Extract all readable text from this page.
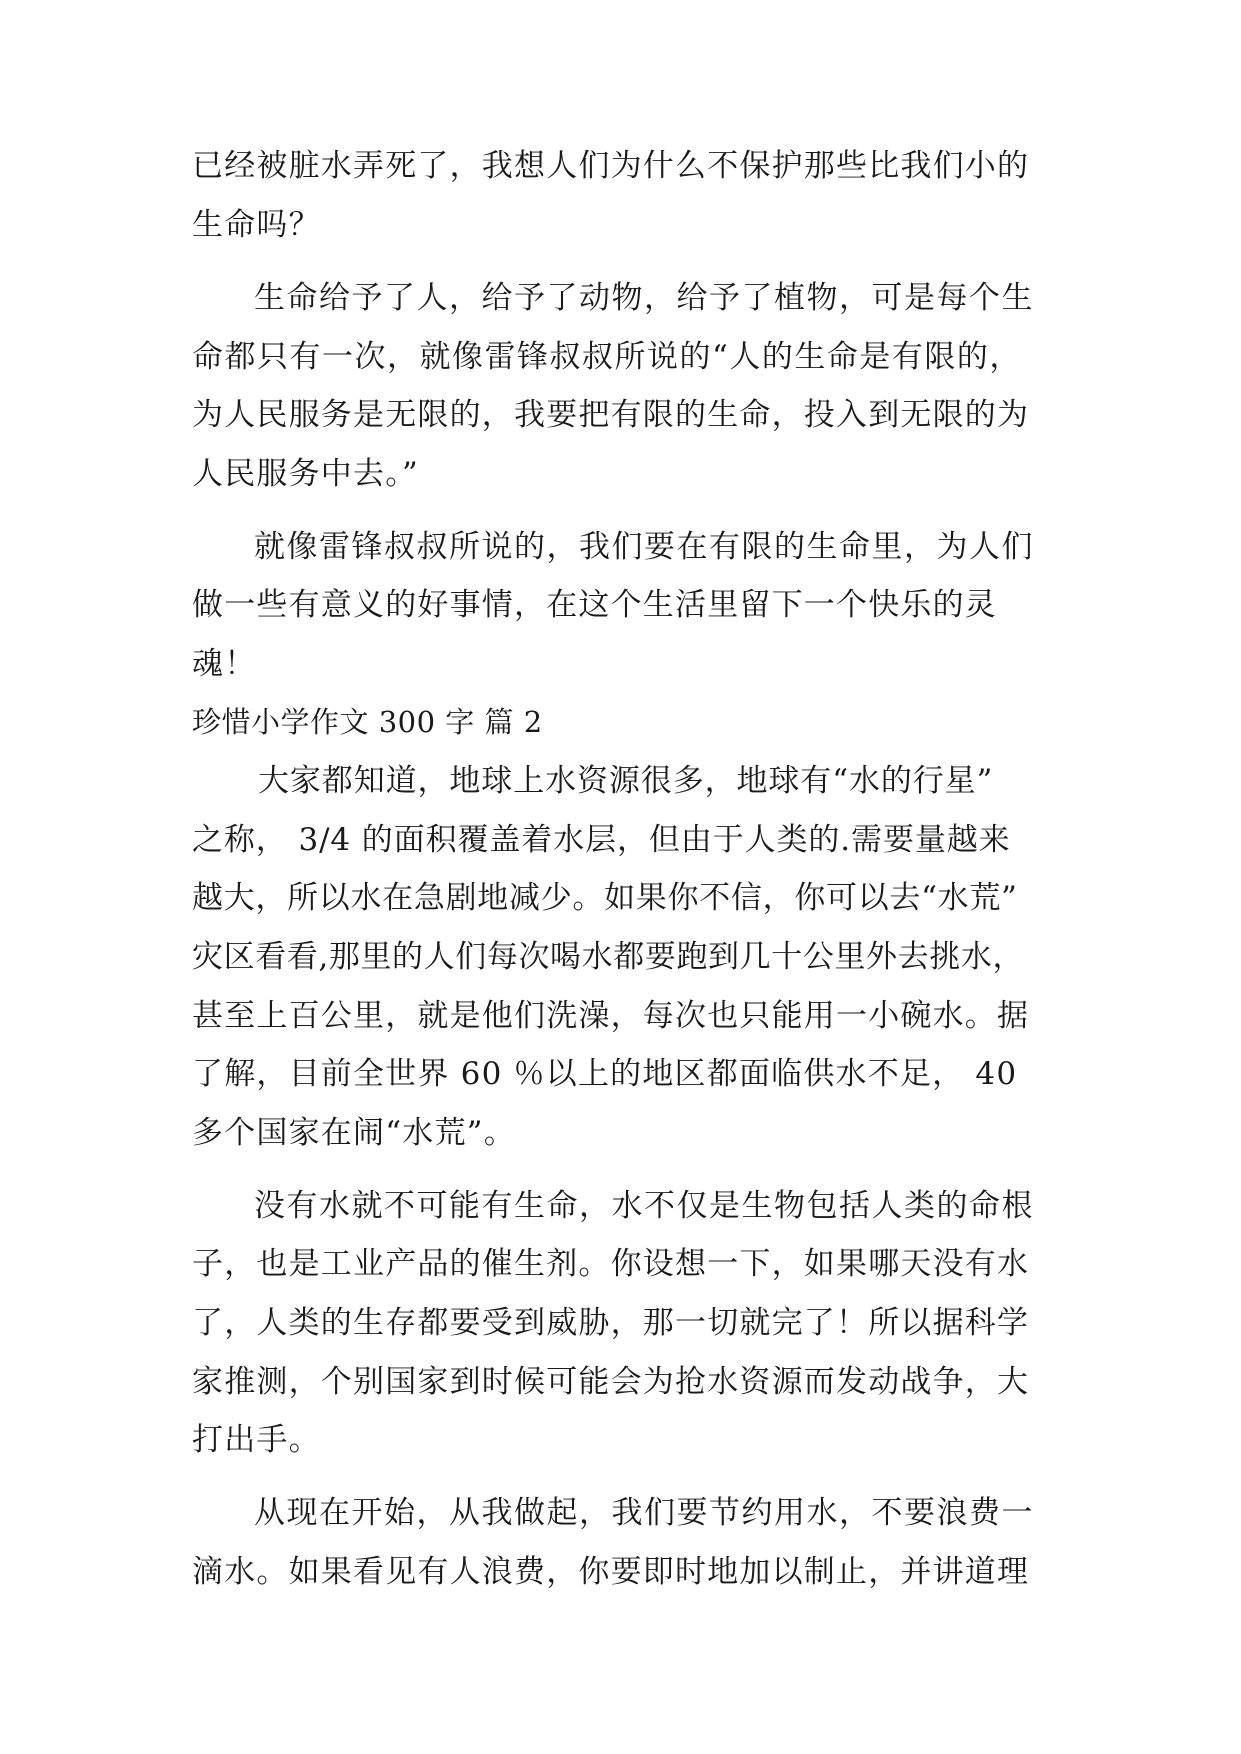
已经被脏水弄死了，我想人们为什么不保护那些比我们小的
生命吗？
生命给予了人，给予了动物，给予了植物，可是每个生
命都只有一次，就像雷锋叔叔所说的“人的生命是有限的，
为人民服务是无限的，我要把有限的生命，投入到无限的为
人民服务中去。”
就像雷锋叔叔所说的，我们要在有限的生命里，为人们
做一些有意义的好事情，在这个生活里留下一个快乐的灵
魂！
珍惜小学作文 300 字 篇 2
大家都知道，地球上水资源很多，地球有“水的行星”
之称， 3/4 的面积覆盖着水层，但由于人类的.需要量越来
越大，所以水在急剧地减少。如果你不信，你可以去“水荒”
灾区看看,那里的人们每次喝水都要跑到几十公里外去挑水，
甚至上百公里，就是他们洗澡，每次也只能用一小碗水。据
了解，目前全世界 60 ％以上的地区都面临供水不足， 40
多个国家在闹“水荒”。
没有水就不可能有生命，水不仅是生物包括人类的命根
子，也是工业产品的催生剂。你设想一下，如果哪天没有水
了，人类的生存都要受到威胁，那一切就完了！所以据科学
家推测，个别国家到时候可能会为抢水资源而发动战争，大
打出手。
从现在开始，从我做起，我们要节约用水，不要浪费一
滴水。如果看见有人浪费，你要即时地加以制止，并讲道理
